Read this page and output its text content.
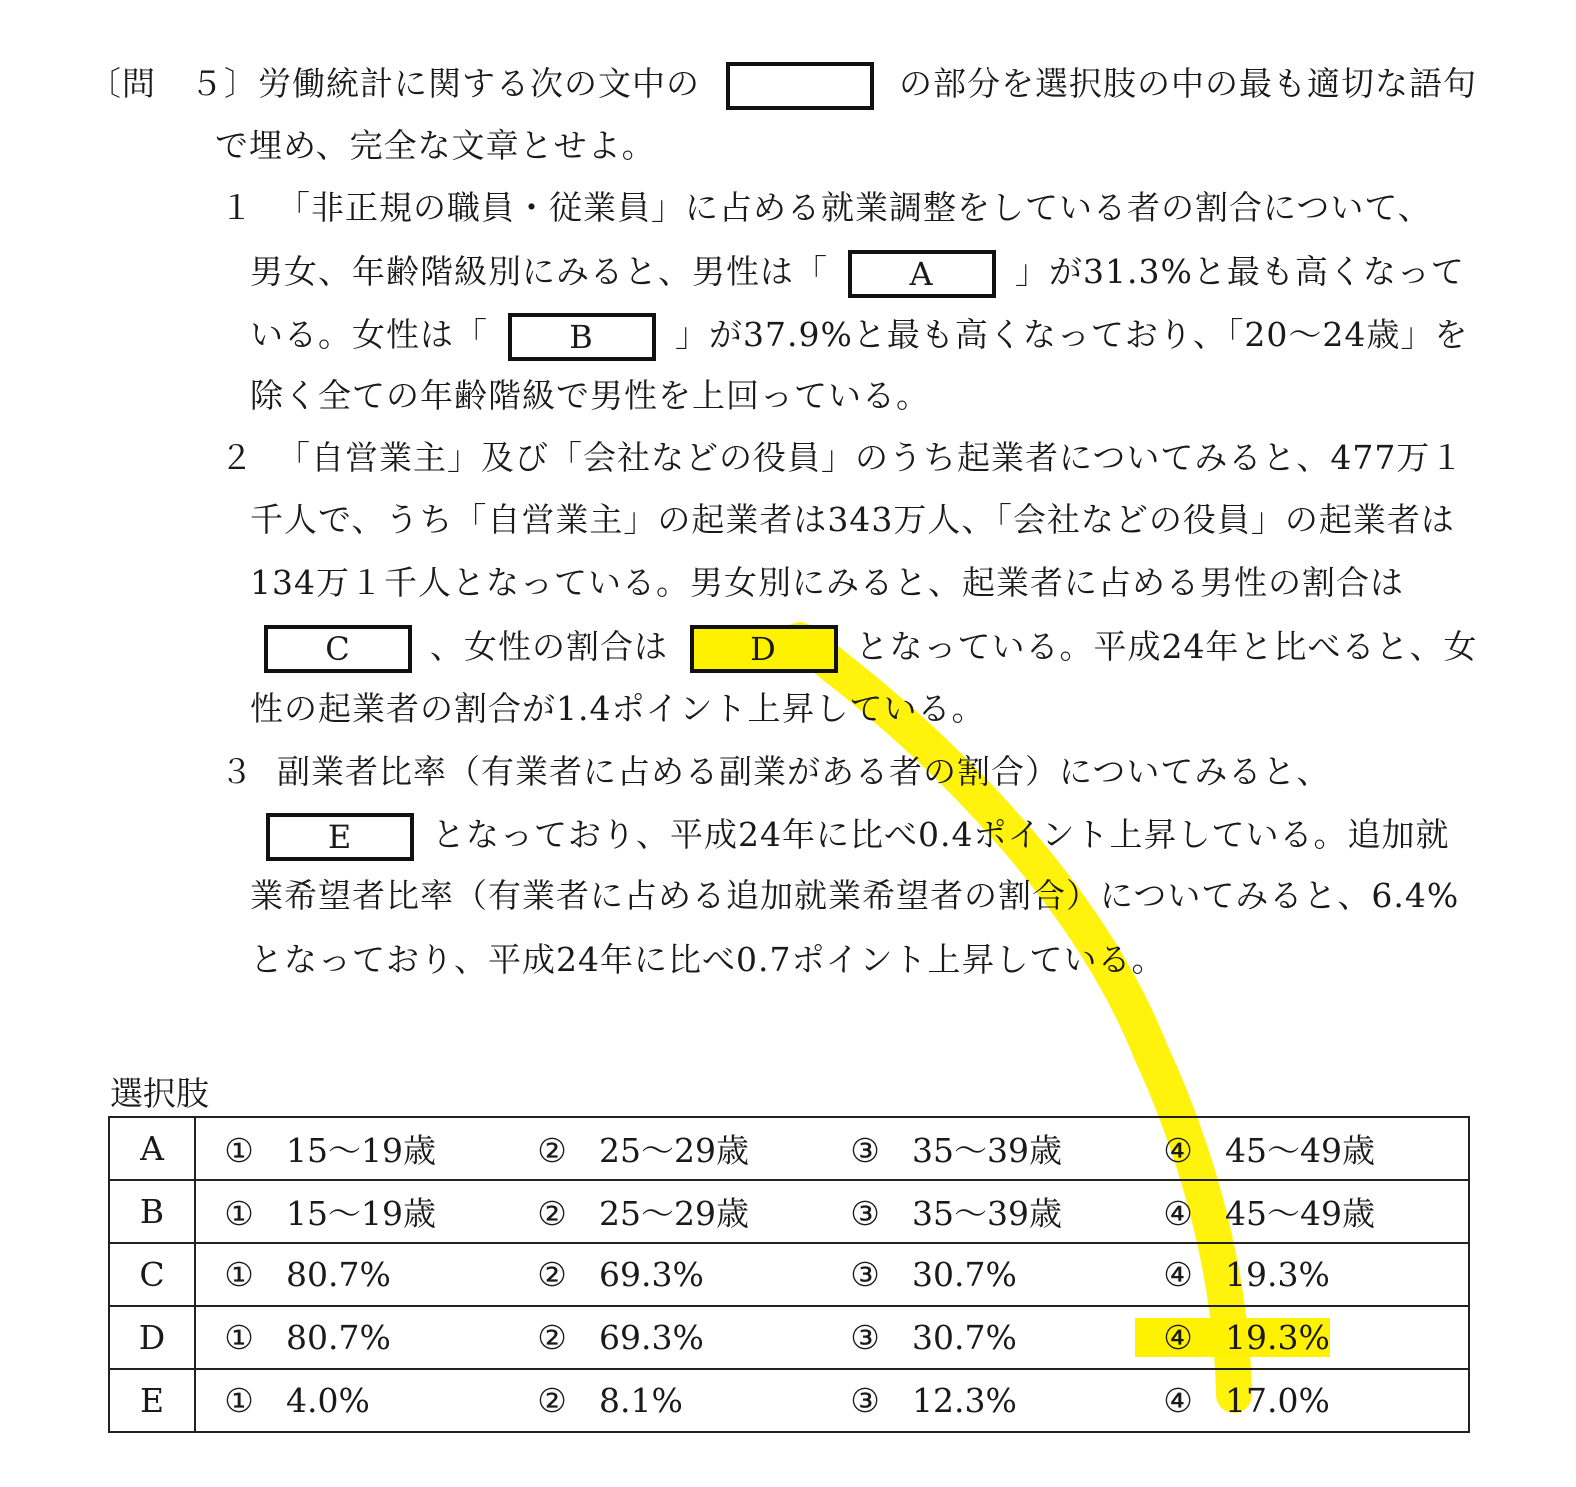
〔問　５〕労働統計に関する次の文中の	の部分を選択肢の中の最も適切な語句
で埋め、完全な文章とせよ。
１ 「非正規の職員・従業員」に占める就業調整をしている者の割合について、
男女、年齢階級別にみると、男性は「	A 」が31.3%と最も高くなって
いる。女性は「	B 」が37.9%と最も高くなっており、「20～24歳」を
除く全ての年齢階級で男性を上回っている。
２ 「自営業主」及び「会社などの役員」のうち起業者についてみると、477万１
千人で、うち「自営業主」の起業者は343万人、「会社などの役員」の起業者は
134万１千人となっている。男女別にみると、起業者に占める男性の割合は
C 、女性の割合は	D となっている。平成24年と比べると、女
性の起業者の割合が1.4ポイント上昇している。
３ 副業者比率（有業者に占める副業がある者の割合）についてみると、
E となっており、平成24年に比べ0.4ポイント上昇している。追加就
業希望者比率（有業者に占める追加就業希望者の割合）についてみると、6.4%
となっており、平成24年に比べ0.7ポイント上昇している。
選択肢
A	① 15～19歳 ② 25～29歳 ③ 35～39歳 ④ 45～49歳
B	① 15～19歳 ② 25～29歳 ③ 35～39歳 ④ 45～49歳
C	① 80.7% ② 69.3% ③ 30.7% ④ 19.3%
D	① 80.7% ② 69.3% ③ 30.7% ④ 19.3%
E	① 4.0% ② 8.1% ③ 12.3% ④ 17.0%
